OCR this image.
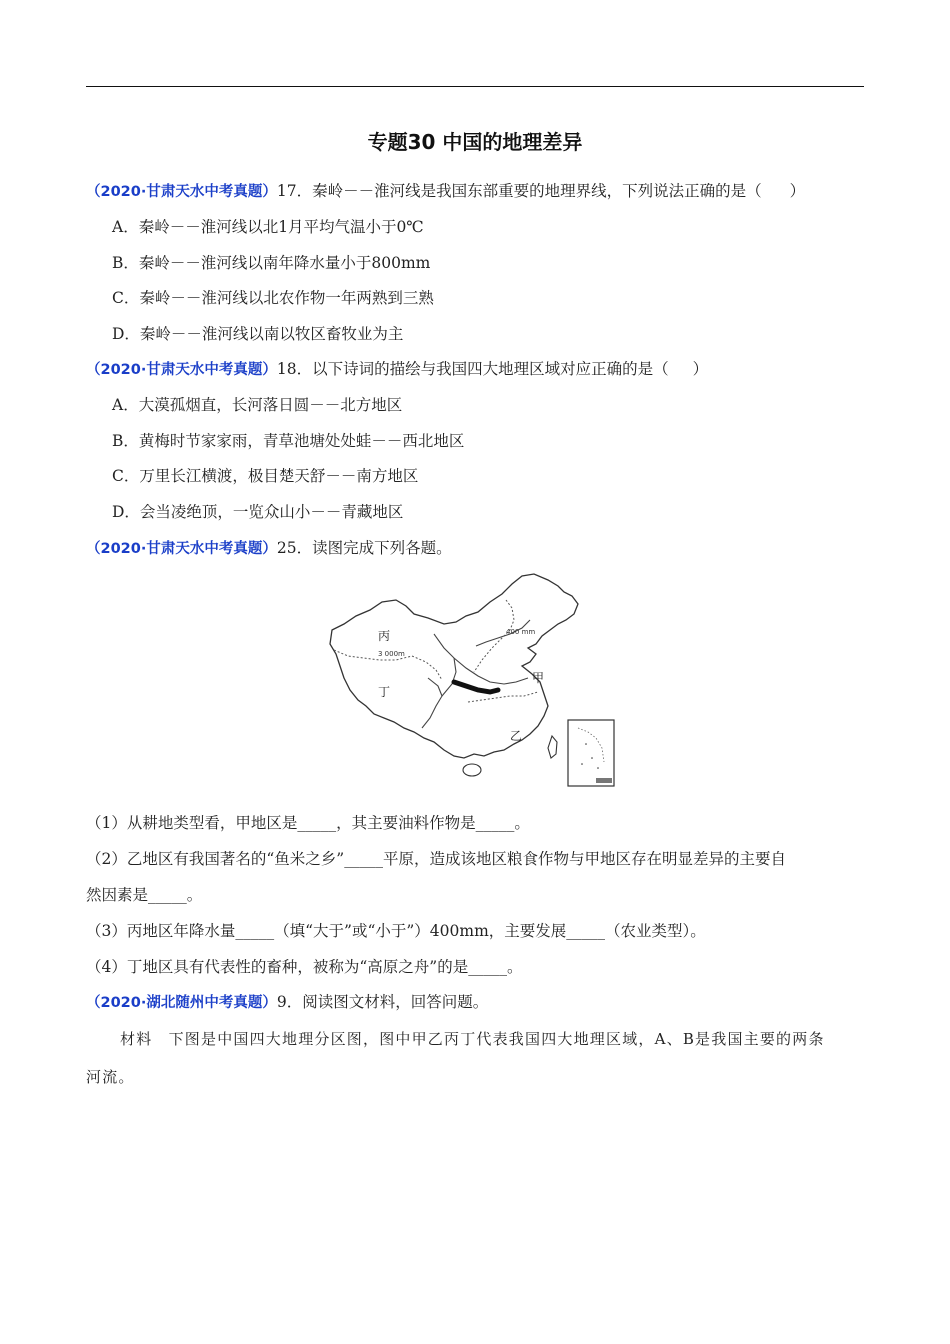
专题30 中国的地理差异
（2020·甘肃天水中考真题）17．秦岭－－淮河线是我国东部重要的地理界线，下列说法正确的是（ ）
A．秦岭－－淮河线以北1月平均气温小于0℃
B．秦岭－－淮河线以南年降水量小于800mm
C．秦岭－－淮河线以北农作物一年两熟到三熟
D．秦岭－－淮河线以南以牧区畜牧业为主
（2020·甘肃天水中考真题）18．以下诗词的描绘与我国四大地理区域对应正确的是（ ）
A．大漠孤烟直，长河落日圆－－北方地区
B．黄梅时节家家雨，青草池塘处处蛙－－西北地区
C．万里长江横渡，极目楚天舒－－南方地区
D．会当凌绝顶，一览众山小－－青藏地区
（2020·甘肃天水中考真题）25．读图完成下列各题。
丙
丁
甲
乙
400 mm
3 000m
（1）从耕地类型看，甲地区是_____，其主要油料作物是_____。
（2）乙地区有我国著名的“鱼米之乡”_____平原，造成该地区粮食作物与甲地区存在明显差异的主要自
然因素是_____。
（3）丙地区年降水量_____（填“大于”或“小于”）400mm，主要发展_____（农业类型）。
（4）丁地区具有代表性的畜种，被称为“高原之舟”的是_____。
（2020·湖北随州中考真题）9．阅读图文材料，回答问题。
材料　下图是中国四大地理分区图，图中甲乙丙丁代表我国四大地理区域，A、B是我国主要的两条
河流。
